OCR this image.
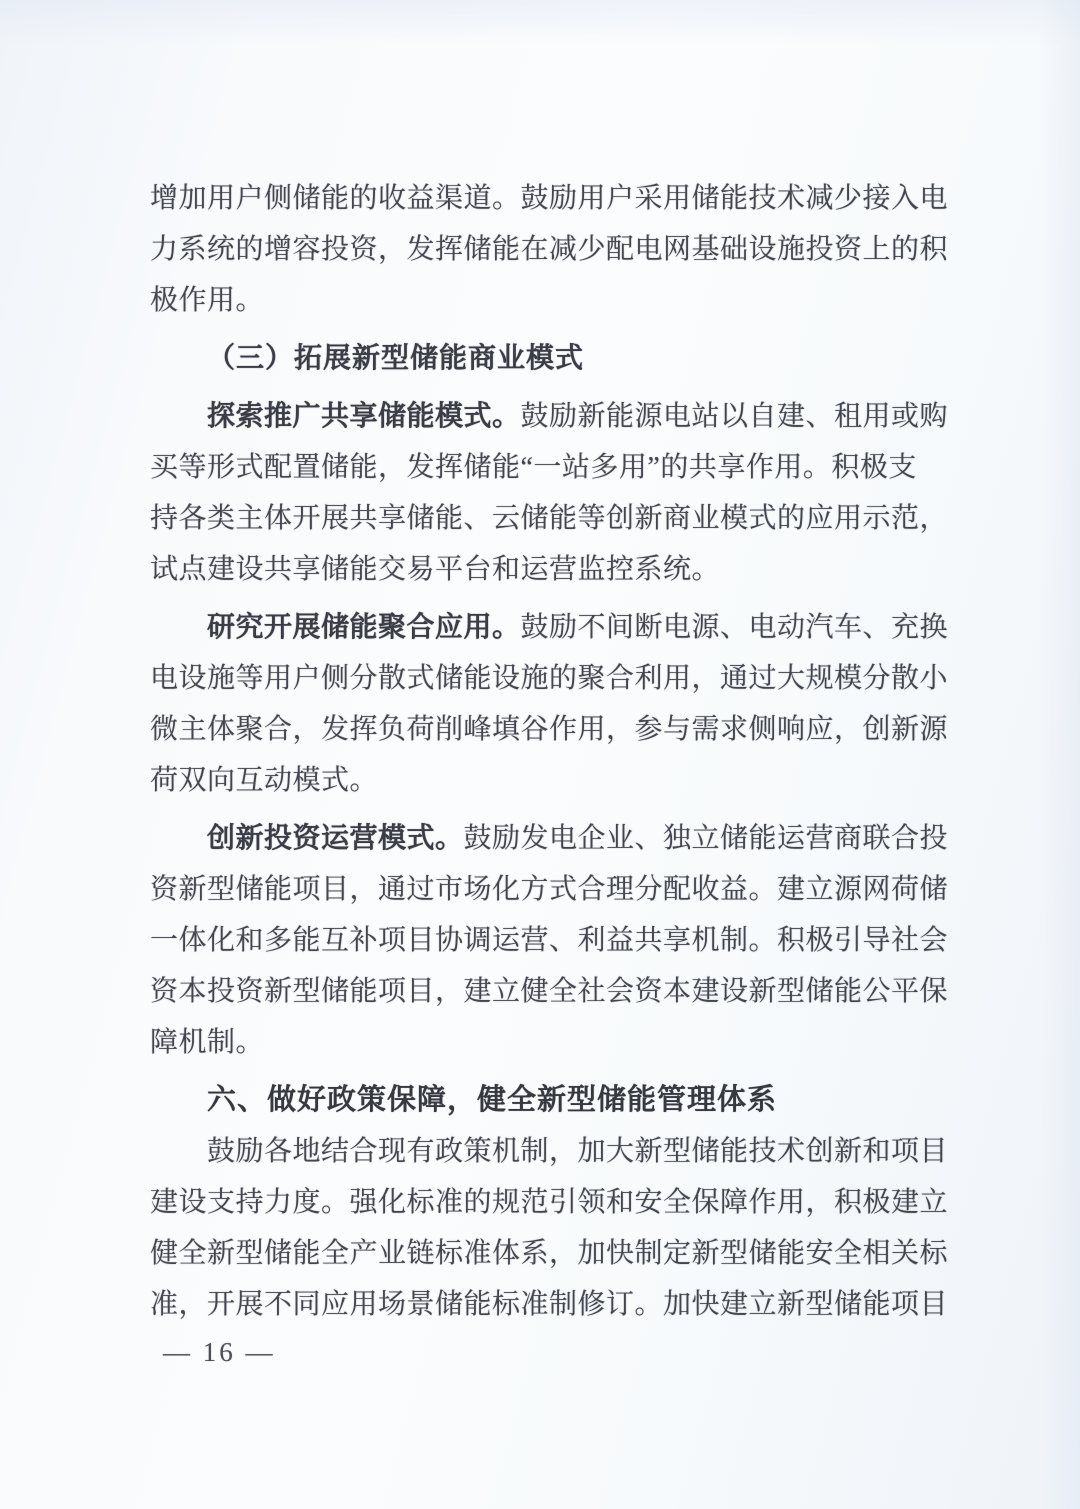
增加用户侧储能的收益渠道。鼓励用户采用储能技术减少接入电
力系统的增容投资，发挥储能在减少配电网基础设施投资上的积
极作用。
（三）拓展新型储能商业模式
探索推广共享储能模式。 鼓励新能源电站以自建、租用或购
买等形式配置储能，发挥储能“一站多用”的共享作用。积极支
持各类主体开展共享储能、云储能等创新商业模式的应用示范，
试点建设共享储能交易平台和运营监控系统。
研究开展储能聚合应用。 鼓励不间断电源、电动汽车、充换
电设施等用户侧分散式储能设施的聚合利用，通过大规模分散小
微主体聚合，发挥负荷削峰填谷作用，参与需求侧响应，创新源
荷双向互动模式。
创新投资运营模式。 鼓励发电企业、独立储能运营商联合投
资新型储能项目，通过市场化方式合理分配收益。建立源网荷储
一体化和多能互补项目协调运营、利益共享机制。积极引导社会
资本投资新型储能项目，建立健全社会资本建设新型储能公平保
障机制。
六、做好政策保障，健全新型储能管理体系
鼓励各地结合现有政策机制，加大新型储能技术创新和项目
建设支持力度。强化标准的规范引领和安全保障作用，积极建立
健全新型储能全产业链标准体系，加快制定新型储能安全相关标
准，开展不同应用场景储能标准制修订。加快建立新型储能项目
— 16 —
